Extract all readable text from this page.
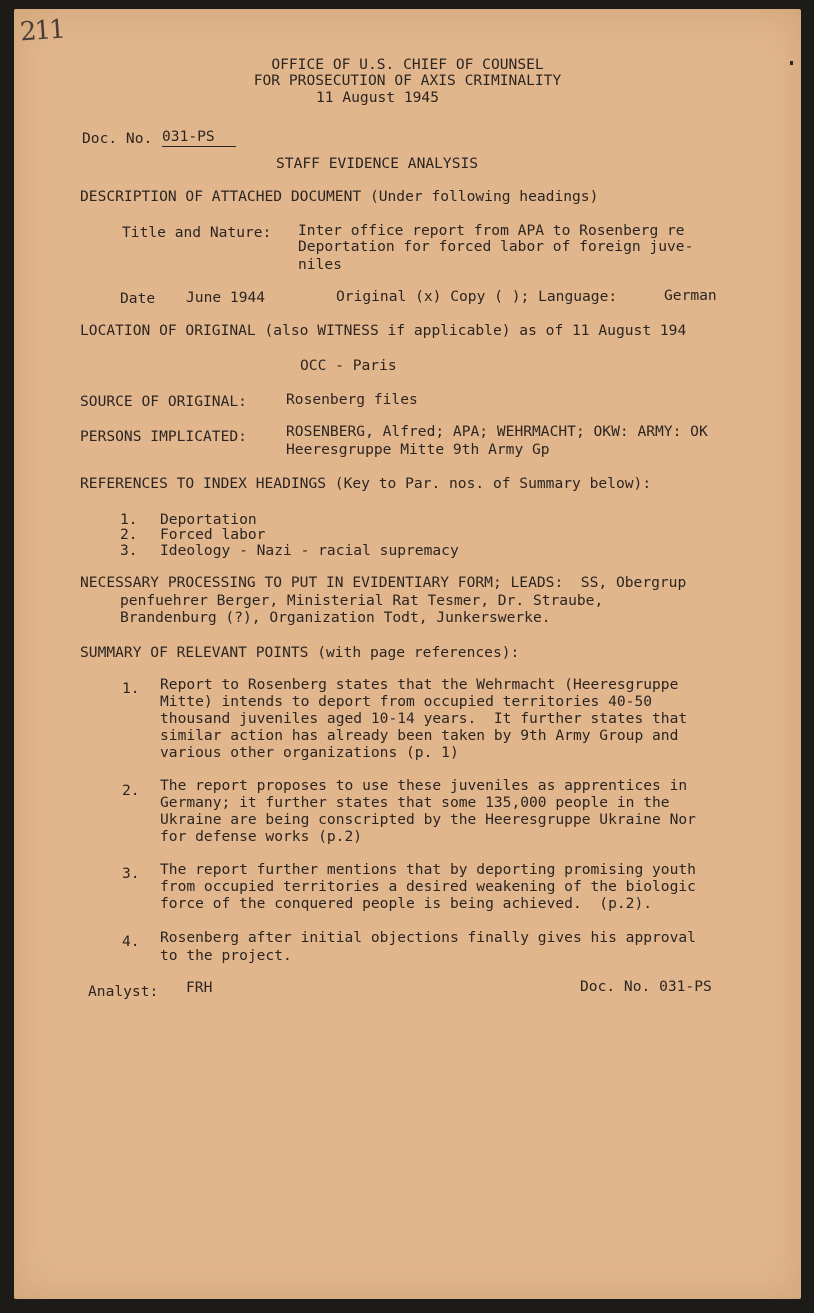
211
OFFICE OF U.S. CHIEF OF COUNSEL
FOR PROSECUTION OF AXIS CRIMINALITY
11 August 1945
Doc. No. 031-PS
STAFF EVIDENCE ANALYSIS
DESCRIPTION OF ATTACHED DOCUMENT (Under following headings)
Title and Nature: Inter office report from APA to Rosenberg re
Deportation for forced labor of foreign juve-
niles
Date June 1944	Original (x) Copy ( ); Language:	German
LOCATION OF ORIGINAL (also WITNESS if applicable) as of 11 August 194
OCC - Paris
SOURCE OF ORIGINAL:	Rosenberg files
PERSONS IMPLICATED:	ROSENBERG, Alfred; APA; WEHRMACHT; OKW: ARMY: OK
Heeresgruppe Mitte 9th Army Gp
REFERENCES TO INDEX HEADINGS (Key to Par. nos. of Summary below):
1. Deportation
2. Forced labor
3. Ideology - Nazi - racial supremacy
NECESSARY PROCESSING TO PUT IN EVIDENTIARY FORM; LEADS:  SS, Obergrup
penfuehrer Berger, Ministerial Rat Tesmer, Dr. Straube,
Brandenburg (?), Organization Todt, Junkerswerke.
SUMMARY OF RELEVANT POINTS (with page references):
1. Report to Rosenberg states that the Wehrmacht (Heeresgruppe
Mitte) intends to deport from occupied territories 40-50
thousand juveniles aged 10-14 years.  It further states that
similar action has already been taken by 9th Army Group and
various other organizations (p. 1)
2. The report proposes to use these juveniles as apprentices in
Germany; it further states that some 135,000 people in the
Ukraine are being conscripted by the Heeresgruppe Ukraine Nor
for defense works (p.2)
3. The report further mentions that by deporting promising youth
from occupied territories a desired weakening of the biologic
force of the conquered people is being achieved.  (p.2).
4. Rosenberg after initial objections finally gives his approval
to the project.
Analyst: FRH	Doc. No. 031-PS
